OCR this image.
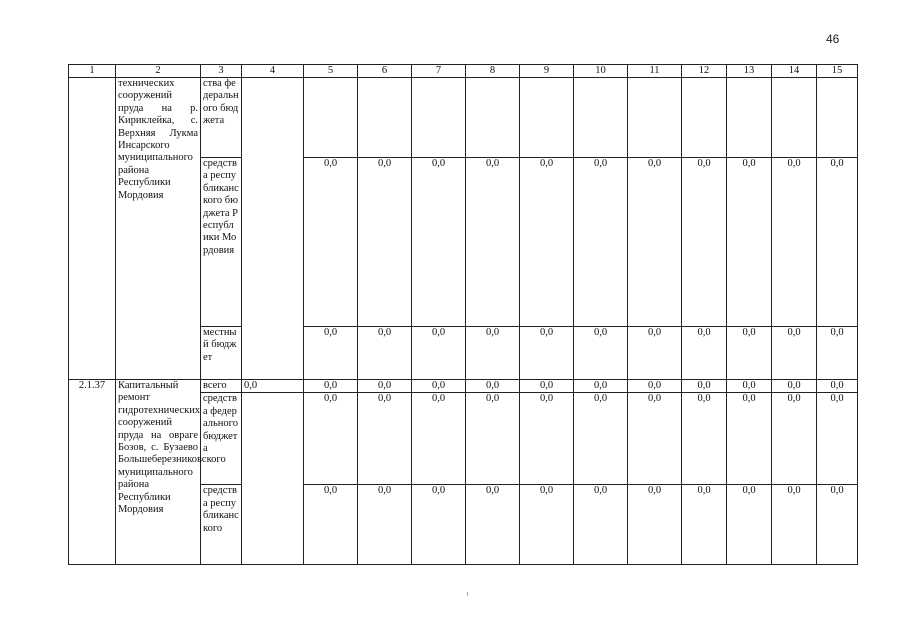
46
1	2	3	4	5	6	7	8	9	10	11	12	13	14	15
	технических сооружений пруда на р. Кириклейка, с. Верхняя Лукма Инсарского муниципального района Республики Мордовия	ства федерального бюджета												
		средства республиканского бюджета Республики Мордовия		0,0	0,0	0,0	0,0	0,0	0,0	0,0	0,0	0,0	0,0	0,0
		местный бюджет		0,0	0,0	0,0	0,0	0,0	0,0	0,0	0,0	0,0	0,0	0,0
2.1.37	Капитальный ремонт гидротехнических сооружений пруда на овраге Бозов, с. Бузаево Большеберезниковского муниципального района Республики Мордовия	всего	0,0	0,0	0,0	0,0	0,0	0,0	0,0	0,0	0,0	0,0	0,0	0,0
		средства федерального бюджета		0,0	0,0	0,0	0,0	0,0	0,0	0,0	0,0	0,0	0,0	0,0
		средства республиканского		0,0	0,0	0,0	0,0	0,0	0,0	0,0	0,0	0,0	0,0	0,0
